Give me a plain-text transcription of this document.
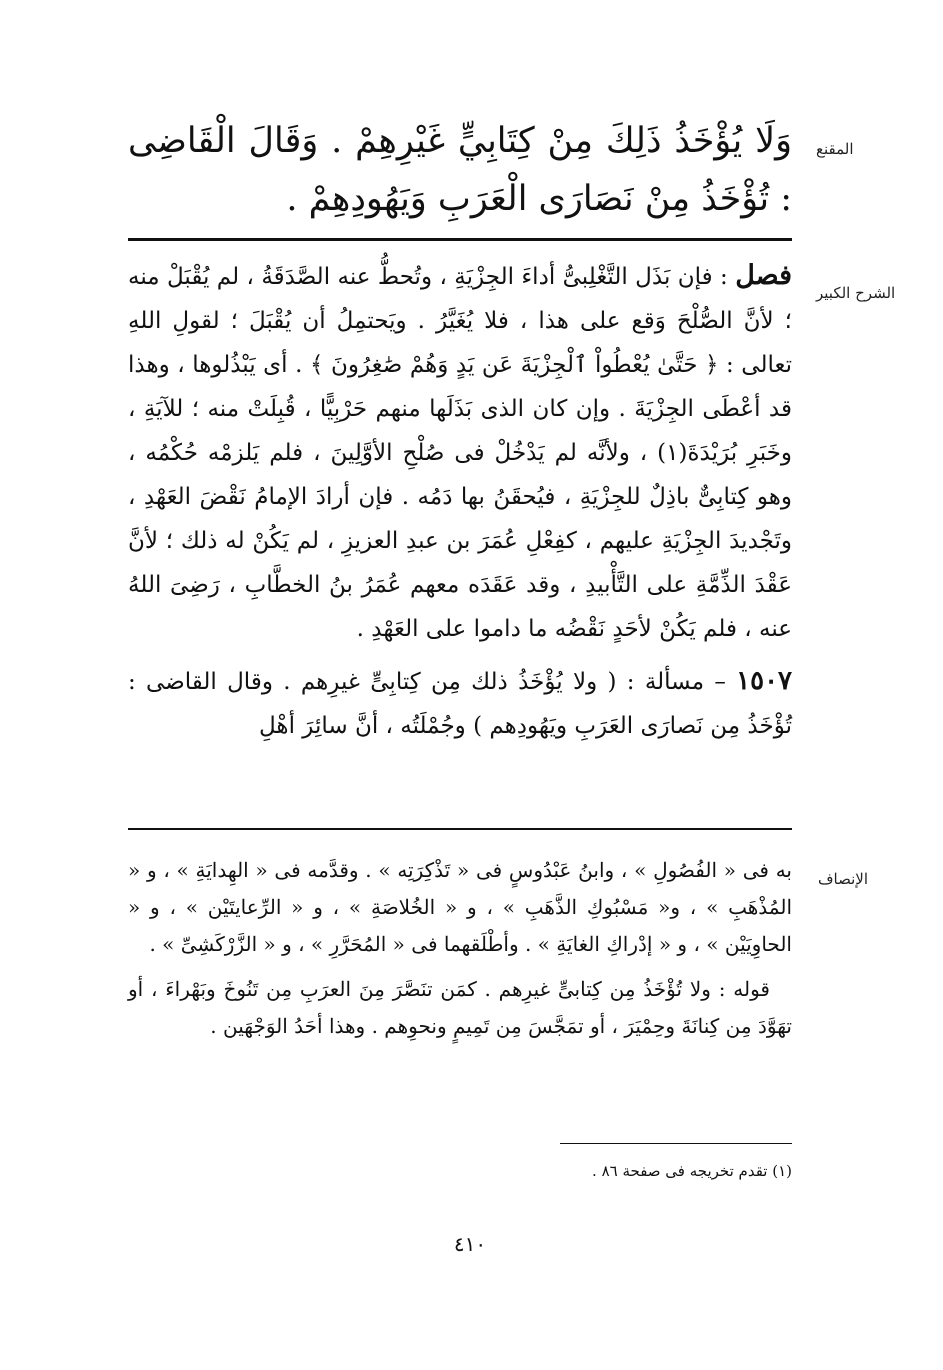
المقنع

وَلَا يُؤْخَذُ ذَلِكَ مِنْ كِتَابِيٍّ غَيْرِهِمْ . وَقَالَ الْقَاضِى : تُؤْخَذُ مِنْ نَصَارَى الْعَرَبِ وَيَهُودِهِمْ .

الشرح الكبير

فصل : فإن بَذَل التَّغْلِبىُّ أداءَ الجِزْيَةِ ، وتُحطُّ عنه الصَّدَقَةُ ، لم يُقْبَلْ منه ؛ لأنَّ الصُّلْحَ وَقع على هذا ، فلا يُغَيَّرُ . ويَحتمِلُ أن يُقْبَلَ ؛ لقولِ اللهِ تعالى : ﴿ حَتَّىٰ يُعْطُواْ ٱلْجِزْيَةَ عَن يَدٍ وَهُمْ صَٰغِرُونَ ﴾ . أى يَبْذُلوها ، وهذا قد أعْطَى الجِزْيَةَ . وإن كان الذى بَذَلَها منهم حَرْبِيًّا ، قُبِلَتْ منه ؛ للآيَةِ ، وخَبَرِ بُرَيْدَةَ(١) ، ولأنَّه لم يَدْخُلْ فى صُلْحِ الأوَّلِينَ ، فلم يَلزمْه حُكْمُه ، وهو كِتابِىٌّ باذِلٌ للجِزْيَةِ ، فيُحقَنُ بها دَمُه . فإن أرادَ الإمامُ نَقْضَ العَهْدِ ، وتَجْديدَ الجِزْيَةِ عليهم ، كفِعْلِ عُمَرَ بن عبدِ العزيزِ ، لم يَكُنْ له ذلك ؛ لأنَّ عَقْدَ الذِّمَّةِ على التَّأْبيدِ ، وقد عَقَدَه معهم عُمَرُ بنُ الخطَّابِ ، رَضِىَ اللهُ عنه ، فلم يَكُنْ لأحَدٍ نَقْضُه ما داموا على العَهْدِ .

١٥٠٧ – مسألة : ( ولا يُؤْخَذُ ذلك مِن كِتابِىٍّ غيرِهم . وقال القاضى : تُؤْخَذُ مِن نَصارَى العَرَبِ ويَهُودِهم ) وجُمْلَتُه ، أنَّ سائِرَ أهْلِ

الإنصاف

به فى « الفُصُولِ » ، وابنُ عَبْدُوسٍ فى « تَذْكِرَتِه » . وقدَّمه فى « الهِدايَةِ » ، و « المُذْهَبِ » ، و« مَسْبُوكِ الذَّهَبِ » ، و « الخُلاصَةِ » ، و « الرِّعايتَيْن » ، و « الحاوِيَيْن » ، و « إدْراكِ الغايَةِ » . وأطْلَقهما فى « المُحَرَّرِ » ، و « الزَّرْكَشِىِّ » .

قوله : ولا تُؤْخَذُ مِن كِتابىٍّ غيرِهم . كمَن تنَصَّرَ مِنَ العرَبِ مِن تَنُوخَ وبَهْراءَ ، أو تهَوَّدَ مِن كِنانَةَ وحِمْيَرَ ، أو تمَجَّسَ مِن تَمِيمٍ ونحوِهم . وهذا أحَدُ الوَجْهَين .

(١) تقدم تخريجه فى صفحة ٨٦ .
٤١٠
